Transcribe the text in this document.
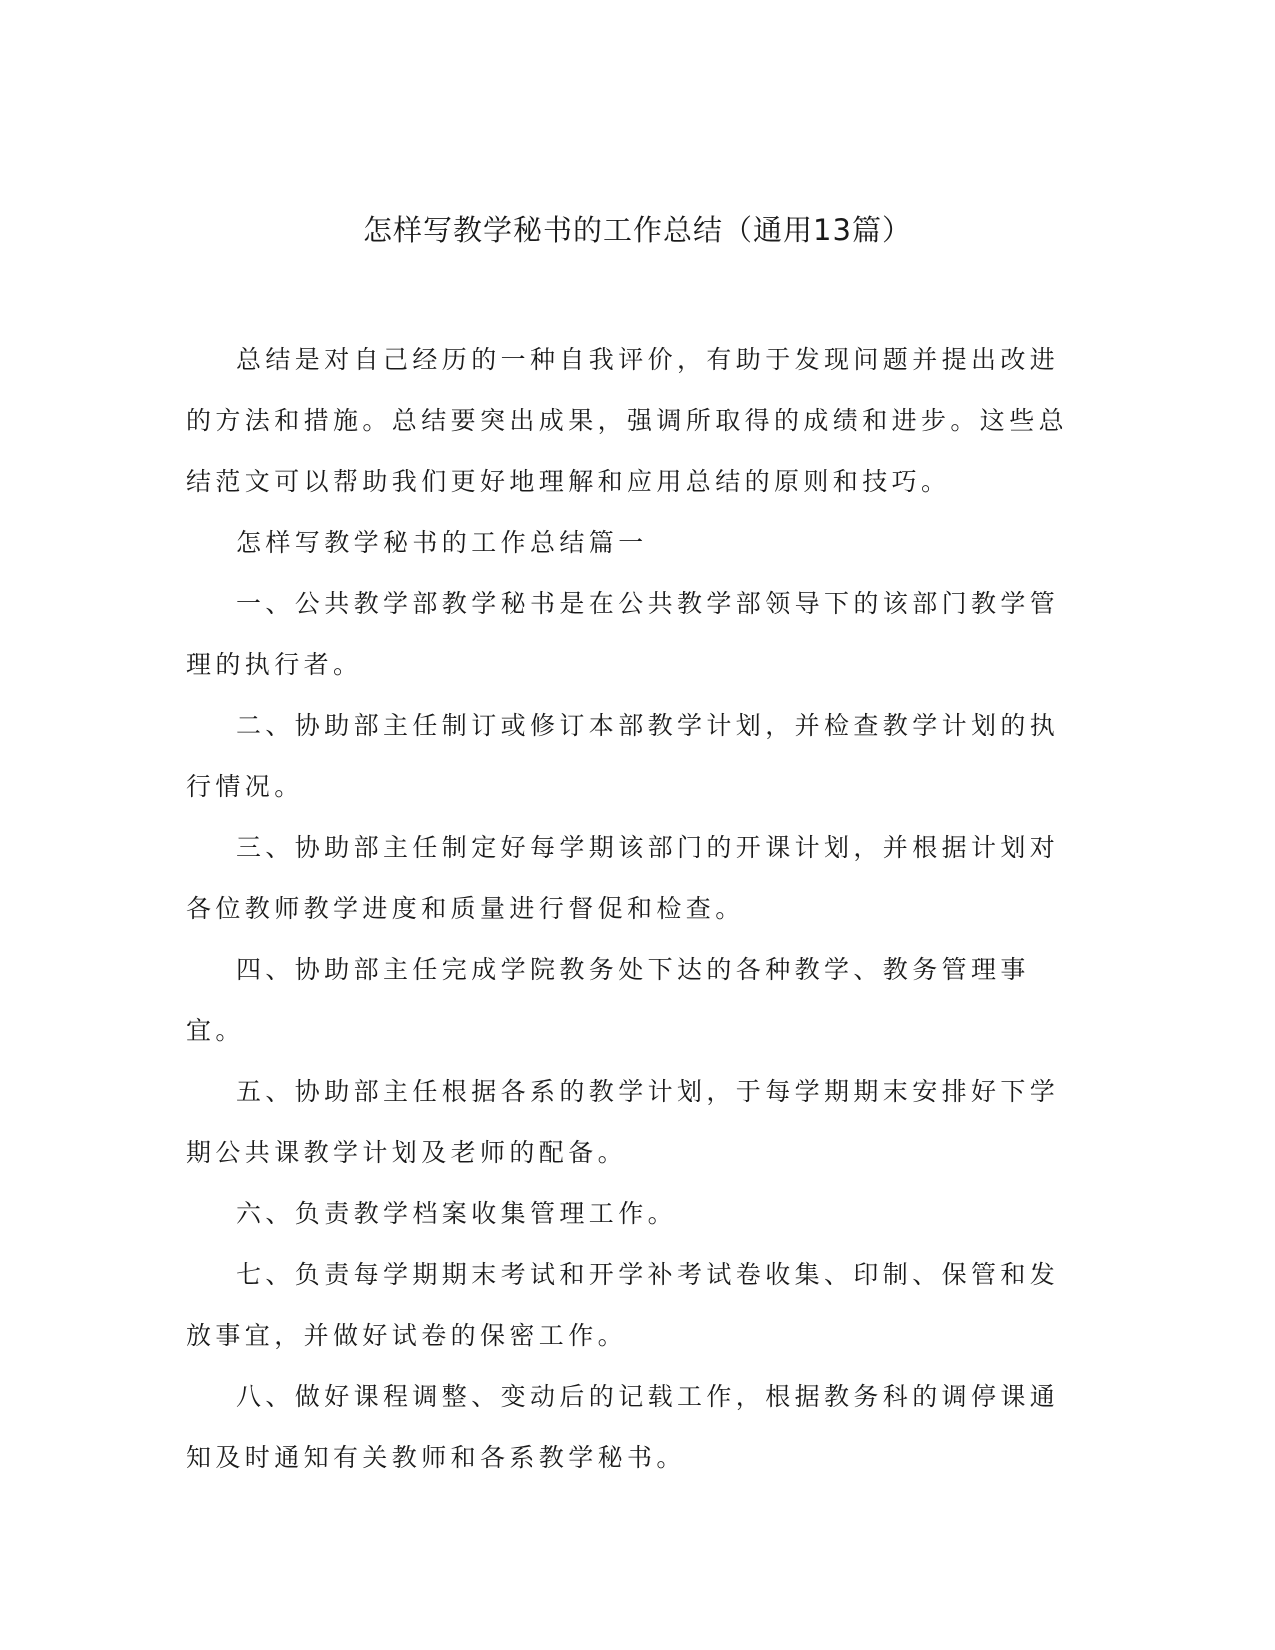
怎样写教学秘书的工作总结（通用13篇）

总结是对自己经历的一种自我评价，有助于发现问题并提出改进的方法和措施。总结要突出成果，强调所取得的成绩和进步。这些总结范文可以帮助我们更好地理解和应用总结的原则和技巧。

怎样写教学秘书的工作总结篇一

一、公共教学部教学秘书是在公共教学部领导下的该部门教学管理的执行者。

二、协助部主任制订或修订本部教学计划，并检查教学计划的执行情况。

三、协助部主任制定好每学期该部门的开课计划，并根据计划对各位教师教学进度和质量进行督促和检查。

四、协助部主任完成学院教务处下达的各种教学、教务管理事宜。

五、协助部主任根据各系的教学计划，于每学期期末安排好下学期公共课教学计划及老师的配备。

六、负责教学档案收集管理工作。

七、负责每学期期末考试和开学补考试卷收集、印制、保管和发放事宜，并做好试卷的保密工作。

八、做好课程调整、变动后的记载工作，根据教务科的调停课通知及时通知有关教师和各系教学秘书。
